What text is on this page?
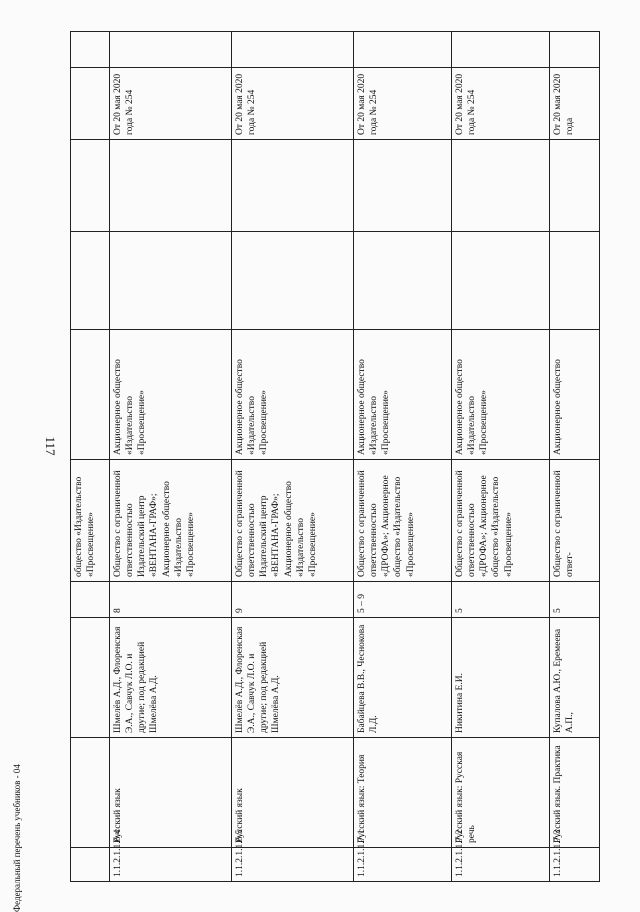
117
Федеральный перечень учебников - 04
				общество «Издательство «Просвещение»					
1.1.2.1.1.6.4	Русский язык	Шмелёв А.Д., Флоренская Э.А., Савчук Л.О. и другие; под редакцией Шмелёва А.Д.	8	Общество с ограниченной ответственностью Издательский центр «ВЕНТАНА-ГРАФ»; Акционерное общество «Издательство «Просвещение»	Акционерное общество «Издательство «Просвещение»			От 20 мая 2020 года № 254	
1.1.2.1.1.6.5	Русский язык	Шмелёв А.Д., Флоренская Э.А., Савчук Л.О. и другие; под редакцией Шмелёва А.Д.	9	Общество с ограниченной ответственностью Издательский центр «ВЕНТАНА-ГРАФ»; Акционерное общество «Издательство «Просвещение»	Акционерное общество «Издательство «Просвещение»			От 20 мая 2020 года № 254	
1.1.2.1.1.7.1	Русский язык: Теория	Бабайцева В.В., Чеснокова Л.Д.	5 – 9	Общество с ограниченной ответственностью «ДРОФА»; Акционерное общество «Издательство «Просвещение»	Акционерное общество «Издательство «Просвещение»			От 20 мая 2020 года № 254	
1.1.2.1.1.7.2	Русский язык: Русская речь	Никитина Е.И.	5	Общество с ограниченной ответственностью «ДРОФА»; Акционерное общество «Издательство «Просвещение»	Акционерное общество «Издательство «Просвещение»			От 20 мая 2020 года № 254	
1.1.2.1.1.7.3	Русский язык. Практика	Купалова А.Ю., Еремеева А.П.,	5	Общество с ограниченной ответ-	Акционерное общество			От 20 мая 2020 года	
